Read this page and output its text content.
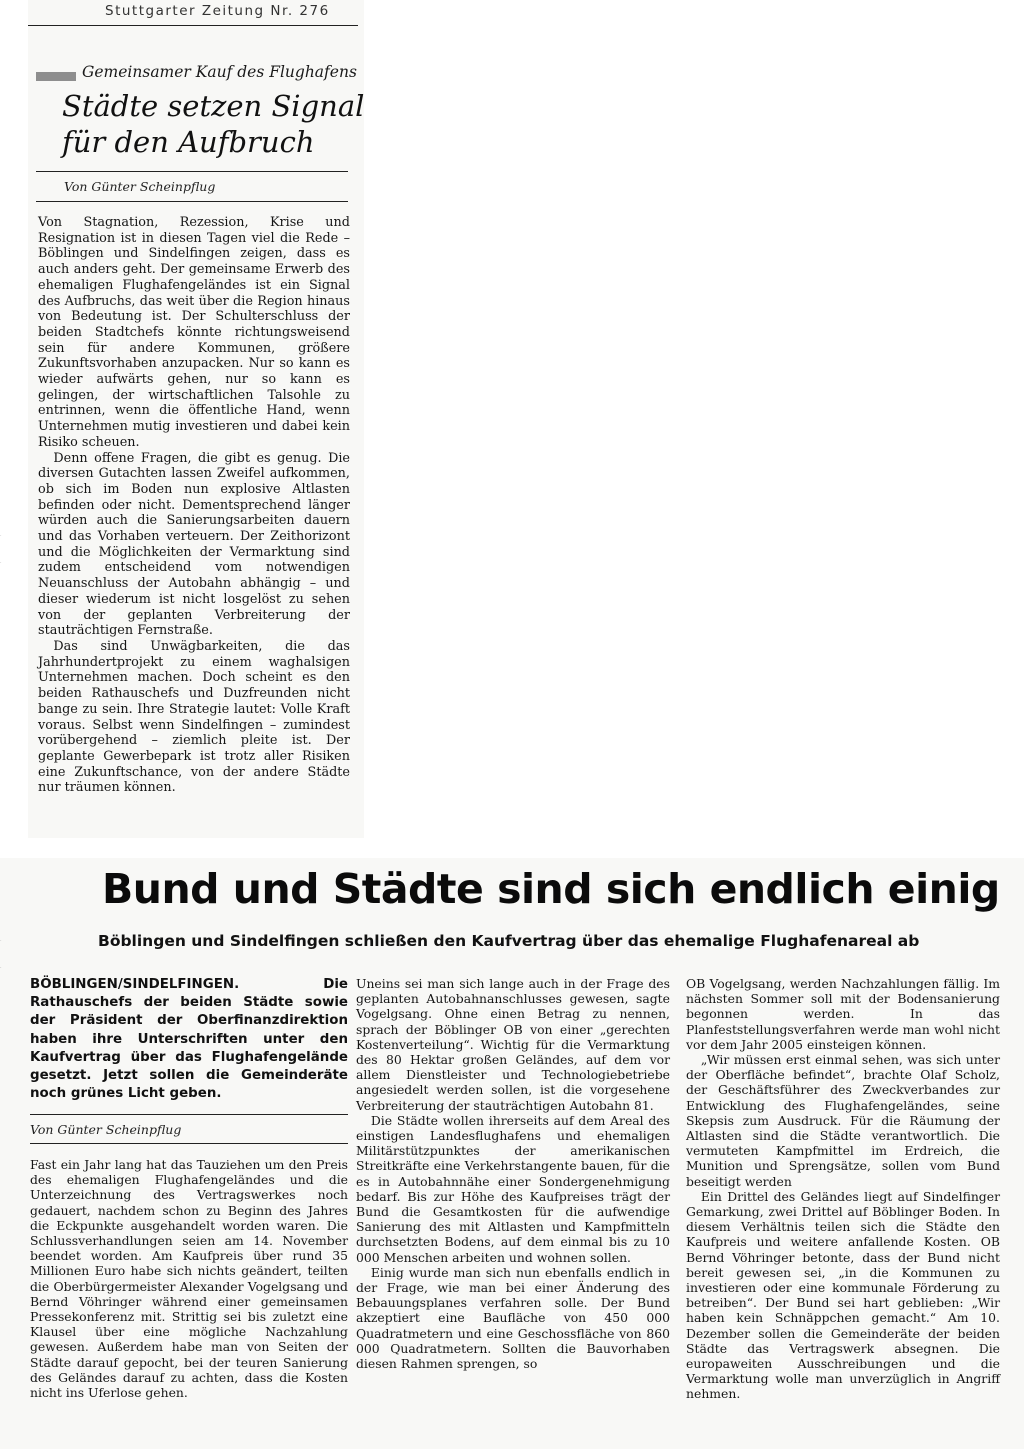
Stuttgarter Zeitung Nr. 276
Gemeinsamer Kauf des Flughafens
Städte setzen Signal
für den Aufbruch
Von Günter Scheinpflug

Von Stagnation, Rezession, Krise und Resignation ist in diesen Tagen viel die Rede – Böblingen und Sindelfingen zeigen, dass es auch anders geht. Der gemeinsame Erwerb des ehemaligen Flughafengeländes ist ein Signal des Aufbruchs, das weit über die Region hinaus von Bedeutung ist. Der Schulterschluss der beiden Stadtchefs könnte richtungsweisend sein für andere Kommunen, größere Zukunftsvorhaben anzupacken. Nur so kann es wieder aufwärts gehen, nur so kann es gelingen, der wirtschaftlichen Talsohle zu entrinnen, wenn die öffentliche Hand, wenn Unternehmen mutig investieren und dabei kein Risiko scheuen.

Denn offene Fragen, die gibt es genug. Die diversen Gutachten lassen Zweifel aufkommen, ob sich im Boden nun explosive Altlasten befinden oder nicht. Dementsprechend länger würden auch die Sanierungsarbeiten dauern und das Vorhaben verteuern. Der Zeithorizont und die Möglichkeiten der Vermarktung sind zudem entscheidend vom notwendigen Neuanschluss der Autobahn abhängig – und dieser wiederum ist nicht losgelöst zu sehen von der geplanten Verbreiterung der stauträchtigen Fernstraße.

Das sind Unwägbarkeiten, die das Jahrhundertprojekt zu einem waghalsigen Unternehmen machen. Doch scheint es den beiden Rathauschefs und Duzfreunden nicht bange zu sein. Ihre Strategie lautet: Volle Kraft voraus. Selbst wenn Sindelfingen – zumindest vorübergehend – ziemlich pleite ist. Der geplante Gewerbepark ist trotz aller Risiken eine Zukunftschance, von der andere Städte nur träumen können.

Bund und Städte sind sich endlich einig
Böblingen und Sindelfingen schließen den Kaufvertrag über das ehemalige Flughafenareal ab
BÖBLINGEN/SINDELFINGEN.	Die Rathauschefs der beiden Städte sowie der Präsident der Oberfinanzdirektion haben ihre Unterschriften unter den Kaufvertrag über das Flughafengelände gesetzt. Jetzt sollen die Gemeinderäte noch grünes Licht geben.
Von Günter Scheinpflug

Fast ein Jahr lang hat das Tauziehen um den Preis des ehemaligen Flughafengeländes und die Unterzeichnung des Vertragswerkes noch gedauert, nachdem schon zu Beginn des Jahres die Eckpunkte ausgehandelt worden waren. Die Schlussverhandlungen seien am 14. November beendet worden. Am Kaufpreis über rund 35 Millionen Euro habe sich nichts geändert, teilten die Oberbürgermeister Alexander Vogelgsang und Bernd Vöhringer während einer gemeinsamen Pressekonferenz mit. Strittig sei bis zuletzt eine Klausel über eine mögliche Nachzahlung gewesen. Außerdem habe man von Seiten der Städte darauf gepocht, bei der teuren Sanierung des Geländes darauf zu achten, dass die Kosten nicht ins Uferlose gehen.

Uneins sei man sich lange auch in der Frage des geplanten Autobahnanschlusses gewesen, sagte Vogelgsang. Ohne einen Betrag zu nennen, sprach der Böblinger OB von einer „gerechten Kostenverteilung“. Wichtig für die Vermarktung des 80 Hektar großen Geländes, auf dem vor allem Dienstleister und Technologiebetriebe angesiedelt werden sollen, ist die vorgesehene Verbreiterung der stauträchtigen Autobahn 81.

Die Städte wollen ihrerseits auf dem Areal des einstigen Landesflughafens und ehemaligen Militärstützpunktes der amerikanischen Streitkräfte eine Verkehrstangente bauen, für die es in Autobahnnähe einer Sondergenehmigung bedarf. Bis zur Höhe des Kaufpreises trägt der Bund die Gesamtkosten für die aufwendige Sanierung des mit Altlasten und Kampfmitteln durchsetzten Bodens, auf dem einmal bis zu 10 000 Menschen arbeiten und wohnen sollen.

Einig wurde man sich nun ebenfalls endlich in der Frage, wie man bei einer Änderung des Bebauungsplanes verfahren solle. Der Bund akzeptiert eine Baufläche von 450 000 Quadratmetern und eine Geschossfläche von 860 000 Quadratmetern. Sollten die Bauvorhaben diesen Rahmen sprengen, so

OB Vogelgsang, werden Nachzahlungen fällig. Im nächsten Sommer soll mit der Bodensanierung begonnen werden. In das Planfeststellungsverfahren werde man wohl nicht vor dem Jahr 2005 einsteigen können.

„Wir müssen erst einmal sehen, was sich unter der Oberfläche befindet“, brachte Olaf Scholz, der Geschäftsführer des Zweckverbandes zur Entwicklung des Flughafengeländes, seine Skepsis zum Ausdruck. Für die Räumung der Altlasten sind die Städte verantwortlich. Die vermuteten Kampfmittel im Erdreich, die Munition und Sprengsätze, sollen vom Bund beseitigt werden

Ein Drittel des Geländes liegt auf Sindelfinger Gemarkung, zwei Drittel auf Böblinger Boden. In diesem Verhältnis teilen sich die Städte den Kaufpreis und weitere anfallende Kosten. OB Bernd Vöhringer betonte, dass der Bund nicht bereit gewesen sei, „in die Kommunen zu investieren oder eine kommunale Förderung zu betreiben“. Der Bund sei hart geblieben: „Wir haben kein Schnäppchen gemacht.“ Am 10. Dezember sollen die Gemeinderäte der beiden Städte das Vertragswerk absegnen. Die europaweiten Ausschreibungen und die Vermarktung wolle man unverzüglich in Angriff nehmen.
